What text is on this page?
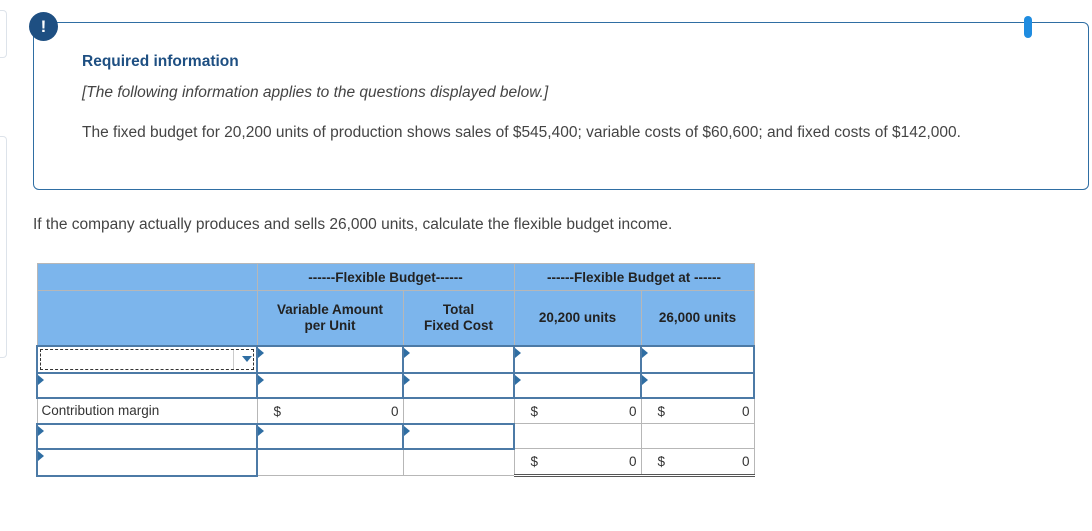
!
Required information
[The following information applies to the questions displayed below.]
The fixed budget for 20,200 units of production shows sales of $545,400; variable costs of $60,600; and fixed costs of $142,000.
If the company actually produces and sells 26,000 units, calculate the flexible budget income.
	------Flexible Budget------		------Flexible Budget at ------	
	Variable Amount per Unit	Total Fixed Cost	20,200 units	26,000 units

Contribution margin	$ 0		$ 0	$ 0

			$ 0	$ 0
